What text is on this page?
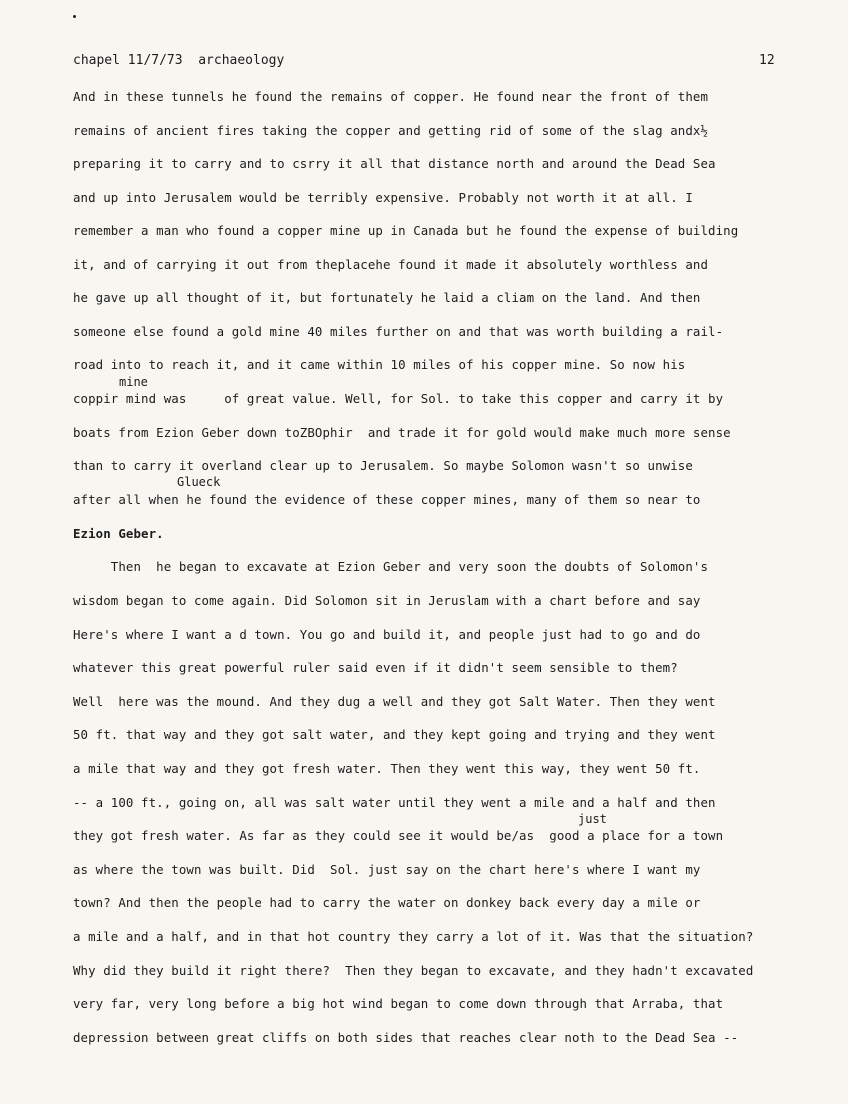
chapel 11/7/73  archaeology	12
And in these tunnels he found the remains of copper. He found near the front of them
remains of ancient fires taking the copper and getting rid of some of the slag andx½
preparing it to carry and to csrry it all that distance north and around the Dead Sea
and up into Jerusalem would be terribly expensive. Probably not worth it at all. I
remember a man who found a copper mine up in Canada but he found the expense of building
it, and of carrying it out from theplacehe found it made it absolutely worthless and
he gave up all thought of it, but fortunately he laid a cliam on the land. And then
someone else found a gold mine 40 miles further on and that was worth building a rail-
road into to reach it, and it came within 10 miles of his copper mine. So now his
mine
coppir mind was     of great value. Well, for Sol. to take this copper and carry it by
boats from Ezion Geber down toZBOphir  and trade it for gold would make much more sense
than to carry it overland clear up to Jerusalem. So maybe Solomon wasn't so unwise
Glueck
after all when he found the evidence of these copper mines, many of them so near to
Ezion Geber.
Then  he began to excavate at Ezion Geber and very soon the doubts of Solomon's
wisdom began to come again. Did Solomon sit in Jeruslam with a chart before and say
Here's where I want a d town. You go and build it, and people just had to go and do
whatever this great powerful ruler said even if it didn't seem sensible to them?
Well  here was the mound. And they dug a well and they got Salt Water. Then they went
50 ft. that way and they got salt water, and they kept going and trying and they went
a mile that way and they got fresh water. Then they went this way, they went 50 ft.
-- a 100 ft., going on, all was salt water until they went a mile and a half and then
just
they got fresh water. As far as they could see it would be/as  good a place for a town
as where the town was built. Did  Sol. just say on the chart here's where I want my
town? And then the people had to carry the water on donkey back every day a mile or
a mile and a half, and in that hot country they carry a lot of it. Was that the situation?
Why did they build it right there?  Then they began to excavate, and they hadn't excavated
very far, very long before a big hot wind began to come down through that Arraba, that
depression between great cliffs on both sides that reaches clear noth to the Dead Sea --
